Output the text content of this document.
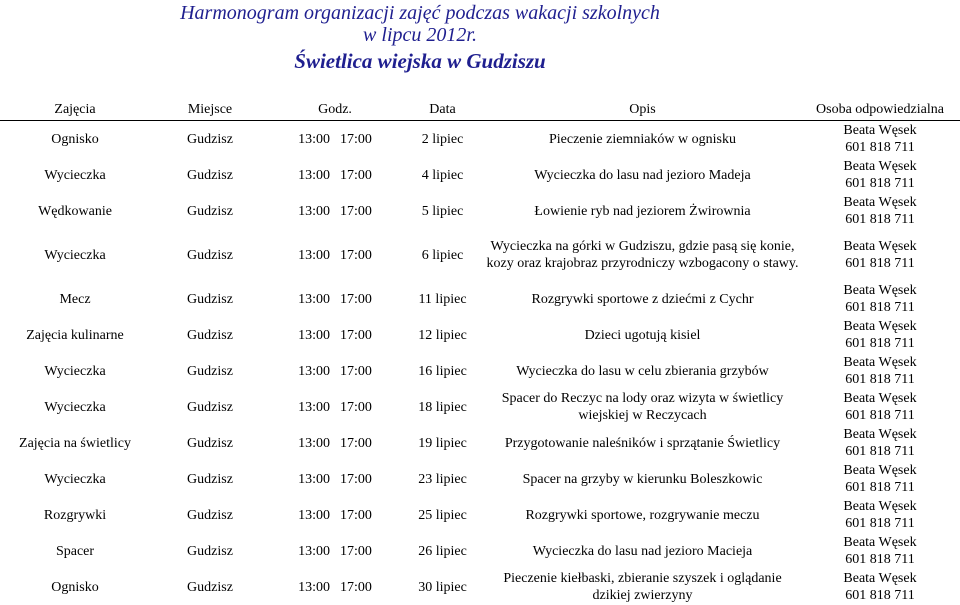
Harmonogram organizacji zajęć podczas wakacji szkolnych
w lipcu 2012r.
Świetlica wiejska w Gudziszu
Zajęcia	Miejsce	Godz.	Data	Opis	Osoba odpowiedzialna
Ognisko	Gudzisz	13:00 17:00	2 lipiec	Pieczenie ziemniaków w ognisku	Beata Węsek
601 818 711

Wycieczka	Gudzisz	13:00 17:00	4 lipiec	Wycieczka do lasu nad jezioro Madeja	Beata Węsek
601 818 711

Wędkowanie	Gudzisz	13:00 17:00	5 lipiec	Łowienie ryb nad jeziorem Żwirownia	Beata Węsek
601 818 711

Wycieczka	Gudzisz	13:00 17:00	6 lipiec	Wycieczka na górki w Gudziszu, gdzie pasą się konie, kozy oraz krajobraz przyrodniczy wzbogacony o stawy.	Beata Węsek
601 818 711

Mecz	Gudzisz	13:00 17:00	11 lipiec	Rozgrywki sportowe z dziećmi z Cychr	Beata Węsek
601 818 711

Zajęcia kulinarne	Gudzisz	13:00 17:00	12 lipiec	Dzieci ugotują kisiel	Beata Węsek
601 818 711

Wycieczka	Gudzisz	13:00 17:00	16 lipiec	Wycieczka do lasu w celu zbierania grzybów	Beata Węsek
601 818 711

Wycieczka	Gudzisz	13:00 17:00	18 lipiec	Spacer do Reczyc na lody oraz wizyta w świetlicy wiejskiej w Reczycach	Beata Węsek
601 818 711

Zajęcia na świetlicy	Gudzisz	13:00 17:00	19 lipiec	Przygotowanie naleśników i sprzątanie Świetlicy	Beata Węsek
601 818 711

Wycieczka	Gudzisz	13:00 17:00	23 lipiec	Spacer na grzyby w kierunku Boleszkowic	Beata Węsek
601 818 711

Rozgrywki	Gudzisz	13:00 17:00	25 lipiec	Rozgrywki sportowe, rozgrywanie meczu	Beata Węsek
601 818 711

Spacer	Gudzisz	13:00 17:00	26 lipiec	Wycieczka do lasu nad jezioro Macieja	Beata Węsek
601 818 711

Ognisko	Gudzisz	13:00 17:00	30 lipiec	Pieczenie kiełbaski, zbieranie szyszek i oglądanie dzikiej zwierzyny	Beata Węsek
601 818 711
